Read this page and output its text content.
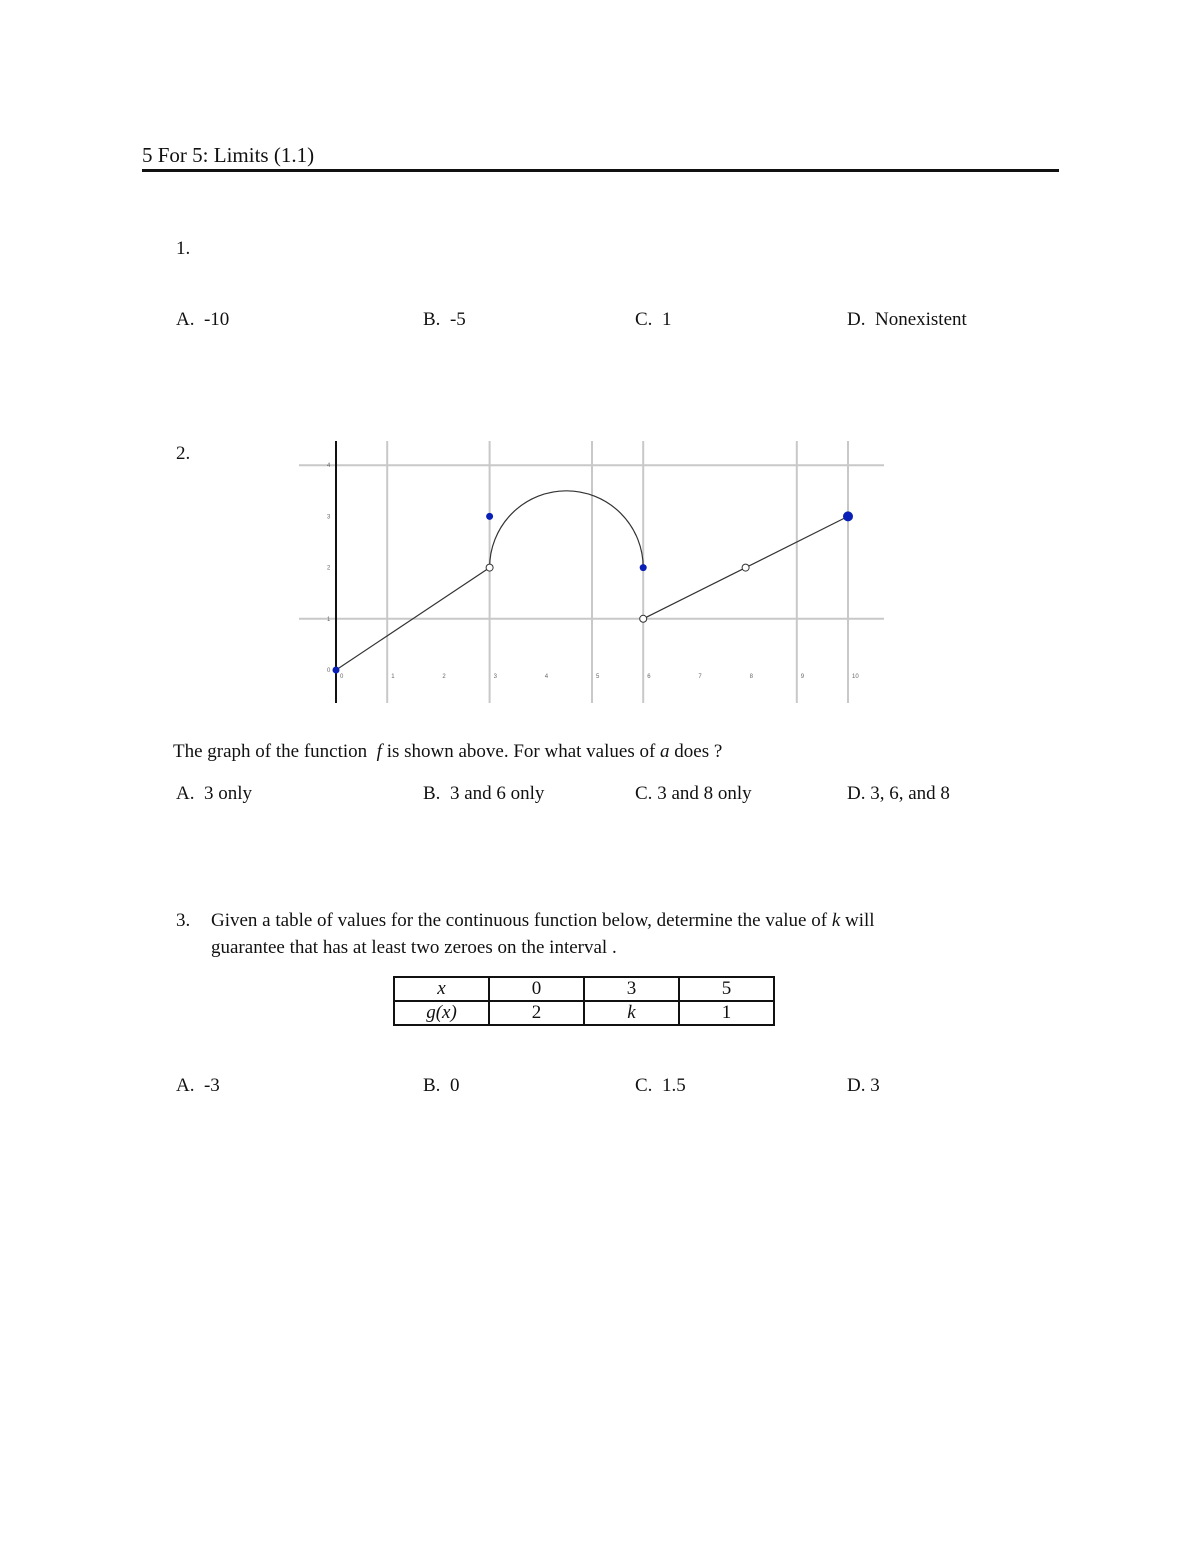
5 For 5: Limits (1.1)
1.
A. -10	B. -5	C. 1	D. Nonexistent
2.
0	1	2	3	4	5	6	7	8	9	10
0
1
2
3
4
The graph of the function f is shown above. For what values of a does ?
A. 3 only	B. 3 and 6 only	C. 3 and 8 only	D. 3, 6, and 8
3. Given a table of values for the continuous function below, determine the value of k will
guarantee that has at least two zeroes on the interval .
x	0	3	5
g(x)	2	k	1
A. -3	B. 0	C. 1.5	D. 3
